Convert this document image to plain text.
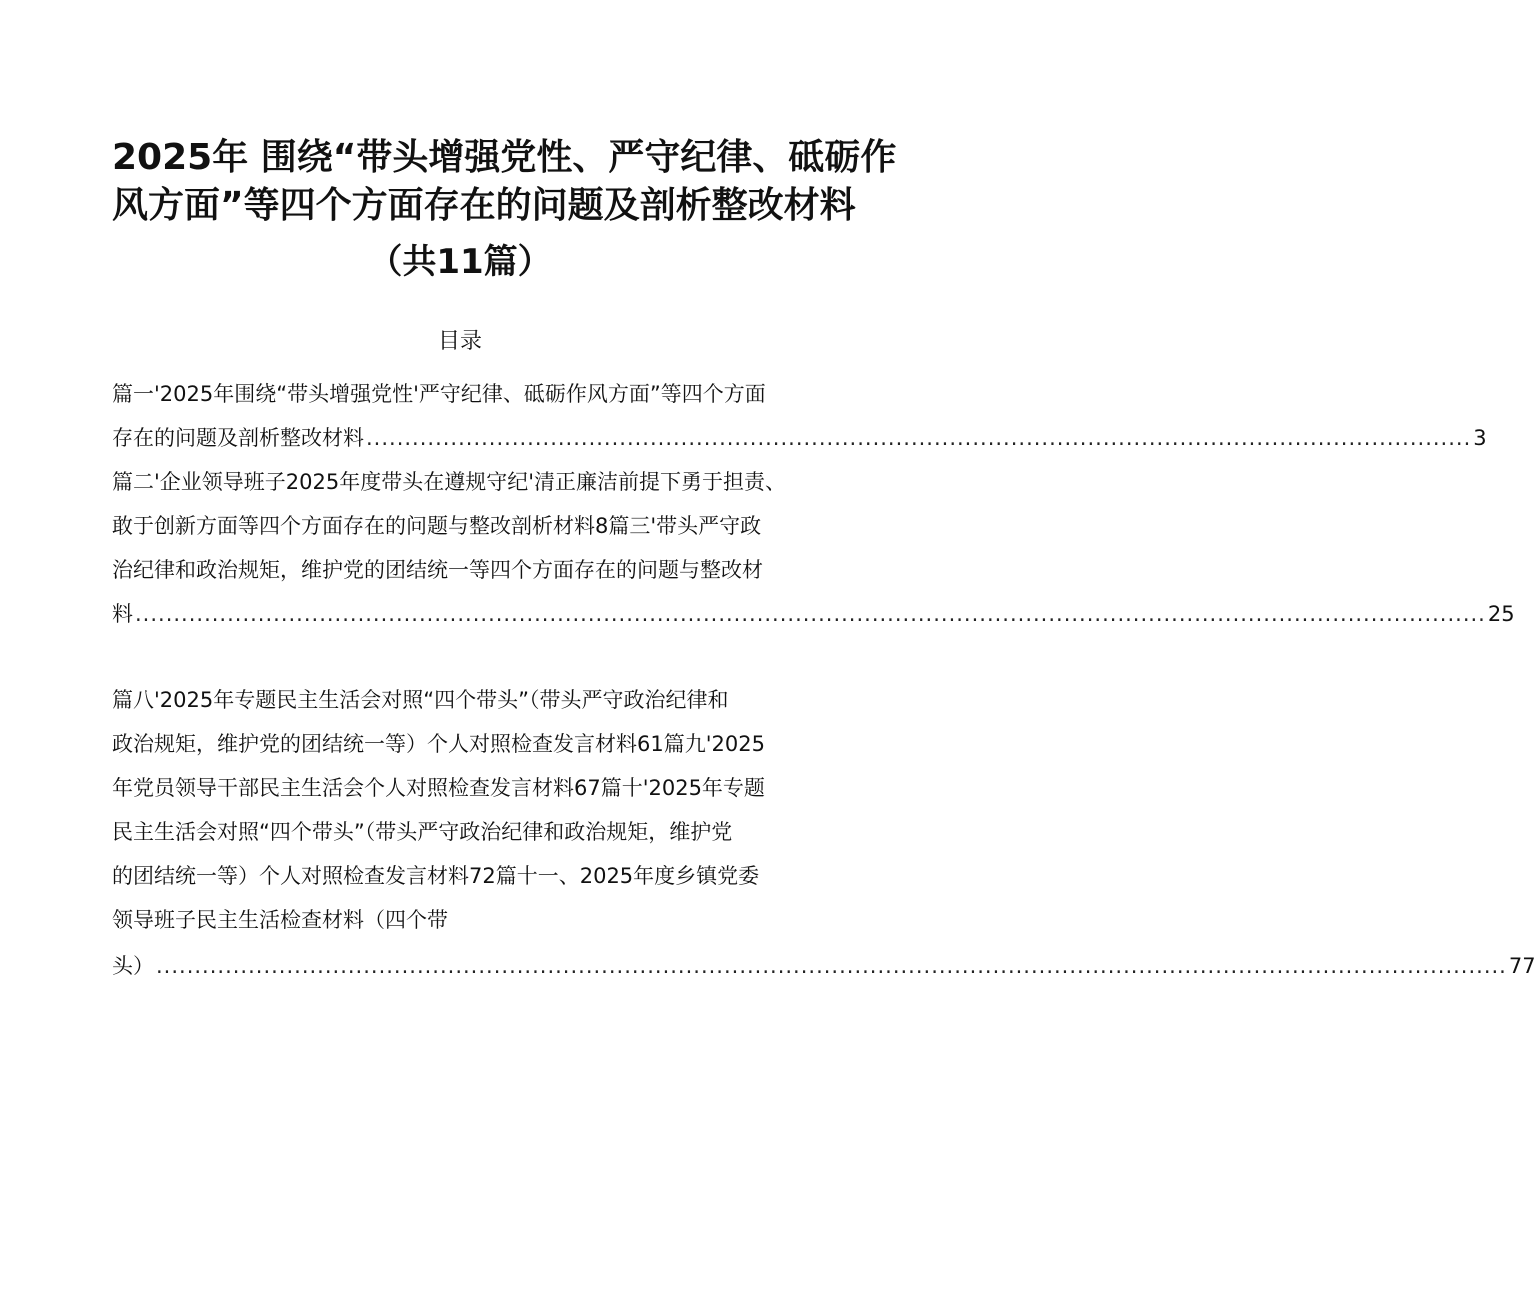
2025年 围绕“带头增强党性、严守纪律、砥砺作
风方面”等四个方面存在的问题及剖析整改材料
（共11篇）
目录
篇一'2025年围绕“带头增强党性'严守纪律、砥砺作风方面”等四个方面
存在的问题及剖析整改材料 ................................................................................................................................................ 3
篇二'企业领导班子2025年度带头在遵规守纪'清正廉洁前提下勇于担责、
敢于创新方面等四个方面存在的问题与整改剖析材料8篇三'带头严守政
治纪律和政治规矩，维护党的团结统一等四个方面存在的问题与整改材
料 ................................................................................................................................................................................ 25
篇八'2025年专题民主生活会对照“四个带头”（带头严守政治纪律和
政治规矩，维护党的团结统一等）个人对照检查发言材料61篇九'2025
年党员领导干部民主生活会个人对照检查发言材料67篇十'2025年专题
民主生活会对照“四个带头”（带头严守政治纪律和政治规矩，维护党
的团结统一等）个人对照检查发言材料72篇十一、2025年度乡镇党委
领导班子民主生活检查材料（四个带
头） ................................................................................................................................................................................ 77
